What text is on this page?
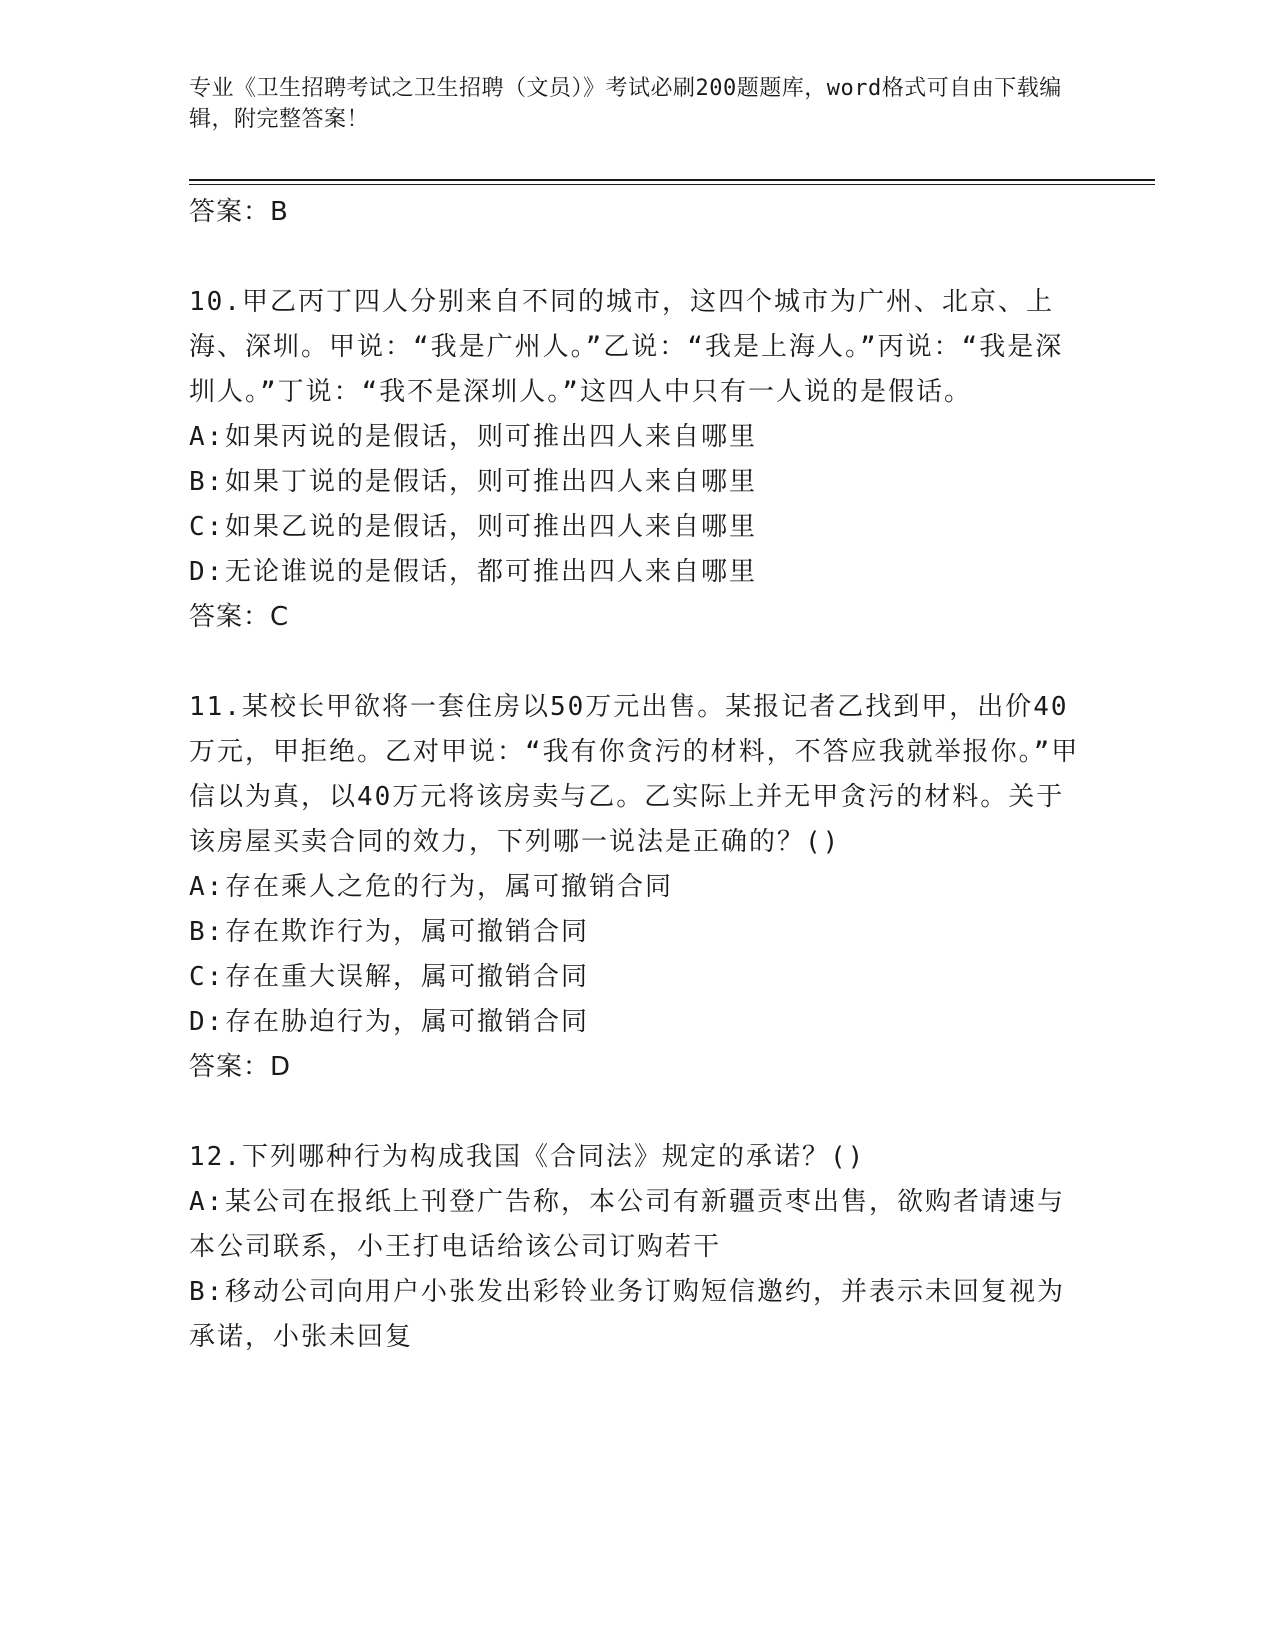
专业《卫生招聘考试之卫生招聘（文员）》考试必刷200题题库，word格式可自由下载编辑，附完整答案！

答案：B

10.甲乙丙丁四人分别来自不同的城市，这四个城市为广州、北京、上海、深圳。甲说：“我是广州人。”乙说：“我是上海人。”丙说：“我是深圳人。”丁说：“我不是深圳人。”这四人中只有一人说的是假话。

A:如果丙说的是假话，则可推出四人来自哪里

B:如果丁说的是假话，则可推出四人来自哪里

C:如果乙说的是假话，则可推出四人来自哪里

D:无论谁说的是假话，都可推出四人来自哪里

答案：C

11.某校长甲欲将一套住房以50万元出售。某报记者乙找到甲，出价40万元，甲拒绝。乙对甲说：“我有你贪污的材料，不答应我就举报你。”甲信以为真，以40万元将该房卖与乙。乙实际上并无甲贪污的材料。关于该房屋买卖合同的效力，下列哪一说法是正确的？()

A:存在乘人之危的行为，属可撤销合同

B:存在欺诈行为，属可撤销合同

C:存在重大误解，属可撤销合同

D:存在胁迫行为，属可撤销合同

答案：D

12.下列哪种行为构成我国《合同法》规定的承诺？()

A:某公司在报纸上刊登广告称，本公司有新疆贡枣出售，欲购者请速与本公司联系，小王打电话给该公司订购若干

B:移动公司向用户小张发出彩铃业务订购短信邀约，并表示未回复视为承诺，小张未回复
